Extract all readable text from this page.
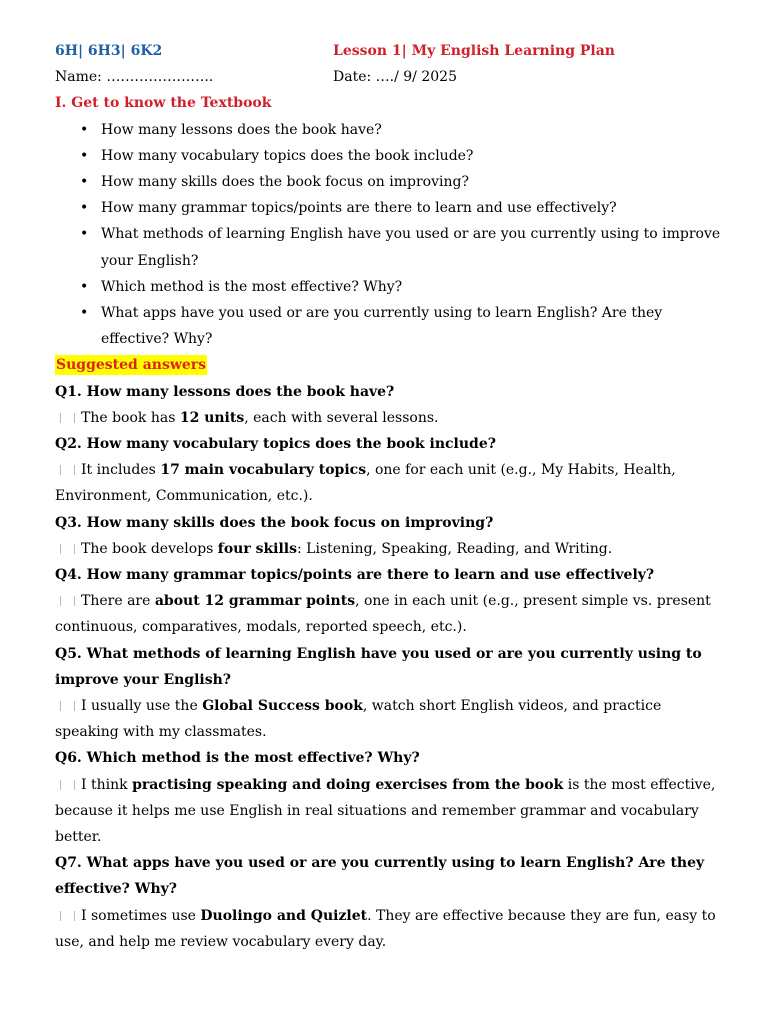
6H| 6H3| 6K2	Lesson 1| My English Learning Plan
Name: …………………..	Date: …./ 9/ 2025
I. Get to know the Textbook
• How many lessons does the book have?
• How many vocabulary topics does the book include?
• How many skills does the book focus on improving?
• How many grammar topics/points are there to learn and use effectively?
• What methods of learning English have you used or are you currently using to improve your English?
• Which method is the most effective? Why?
• What apps have you used or are you currently using to learn English? Are they effective? Why?
Suggested answers
Q1. How many lessons does the book have?
The book has 12 units, each with several lessons.
Q2. How many vocabulary topics does the book include?
It includes 17 main vocabulary topics, one for each unit (e.g., My Habits, Health, Environment, Communication, etc.).
Q3. How many skills does the book focus on improving?
The book develops four skills: Listening, Speaking, Reading, and Writing.
Q4. How many grammar topics/points are there to learn and use effectively?
There are about 12 grammar points, one in each unit (e.g., present simple vs. present continuous, comparatives, modals, reported speech, etc.).
Q5. What methods of learning English have you used or are you currently using to improve your English?
I usually use the Global Success book, watch short English videos, and practice speaking with my classmates.
Q6. Which method is the most effective? Why?
I think practising speaking and doing exercises from the book is the most effective, because it helps me use English in real situations and remember grammar and vocabulary better.
Q7. What apps have you used or are you currently using to learn English? Are they effective? Why?
I sometimes use Duolingo and Quizlet. They are effective because they are fun, easy to use, and help me review vocabulary every day.
